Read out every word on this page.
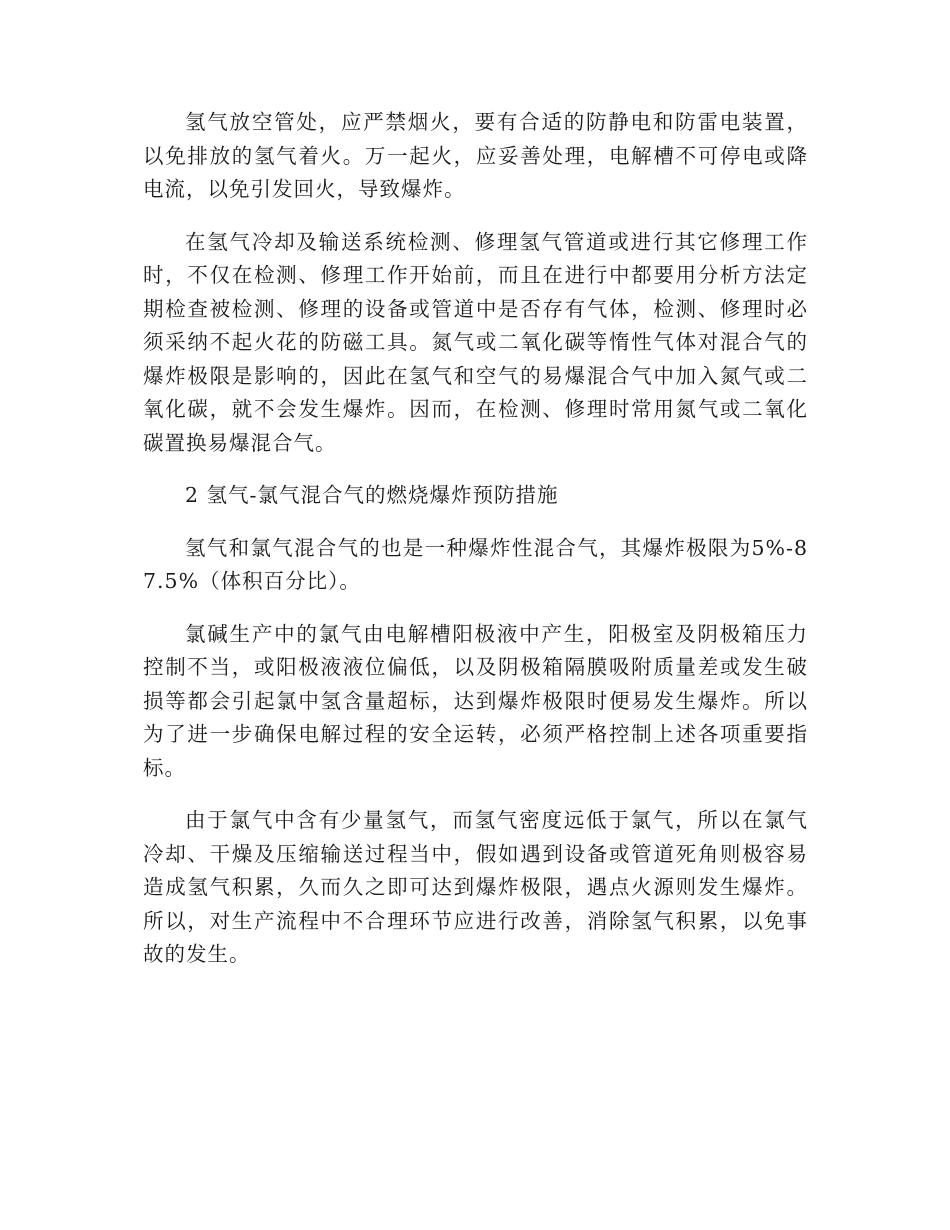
氢气放空管处，应严禁烟火，要有合适的防静电和防雷电装置，以免排放的氢气着火。万一起火，应妥善处理，电解槽不可停电或降电流，以免引发回火，导致爆炸。

在氢气冷却及输送系统检测、修理氢气管道或进行其它修理工作时，不仅在检测、修理工作开始前，而且在进行中都要用分析方法定期检查被检测、修理的设备或管道中是否存有气体，检测、修理时必须采纳不起火花的防磁工具。氮气或二氧化碳等惰性气体对混合气的爆炸极限是影响的，因此在氢气和空气的易爆混合气中加入氮气或二氧化碳，就不会发生爆炸。因而，在检测、修理时常用氮气或二氧化碳置换易爆混合气。

2 氢气-氯气混合气的燃烧爆炸预防措施

氢气和氯气混合气的也是一种爆炸性混合气，其爆炸极限为5%-87.5%（体积百分比）。

氯碱生产中的氯气由电解槽阳极液中产生，阳极室及阴极箱压力控制不当，或阳极液液位偏低，以及阴极箱隔膜吸附质量差或发生破损等都会引起氯中氢含量超标，达到爆炸极限时便易发生爆炸。所以为了进一步确保电解过程的安全运转，必须严格控制上述各项重要指标。

由于氯气中含有少量氢气，而氢气密度远低于氯气，所以在氯气冷却、干燥及压缩输送过程当中，假如遇到设备或管道死角则极容易造成氢气积累，久而久之即可达到爆炸极限，遇点火源则发生爆炸。所以，对生产流程中不合理环节应进行改善，消除氢气积累，以免事故的发生。
